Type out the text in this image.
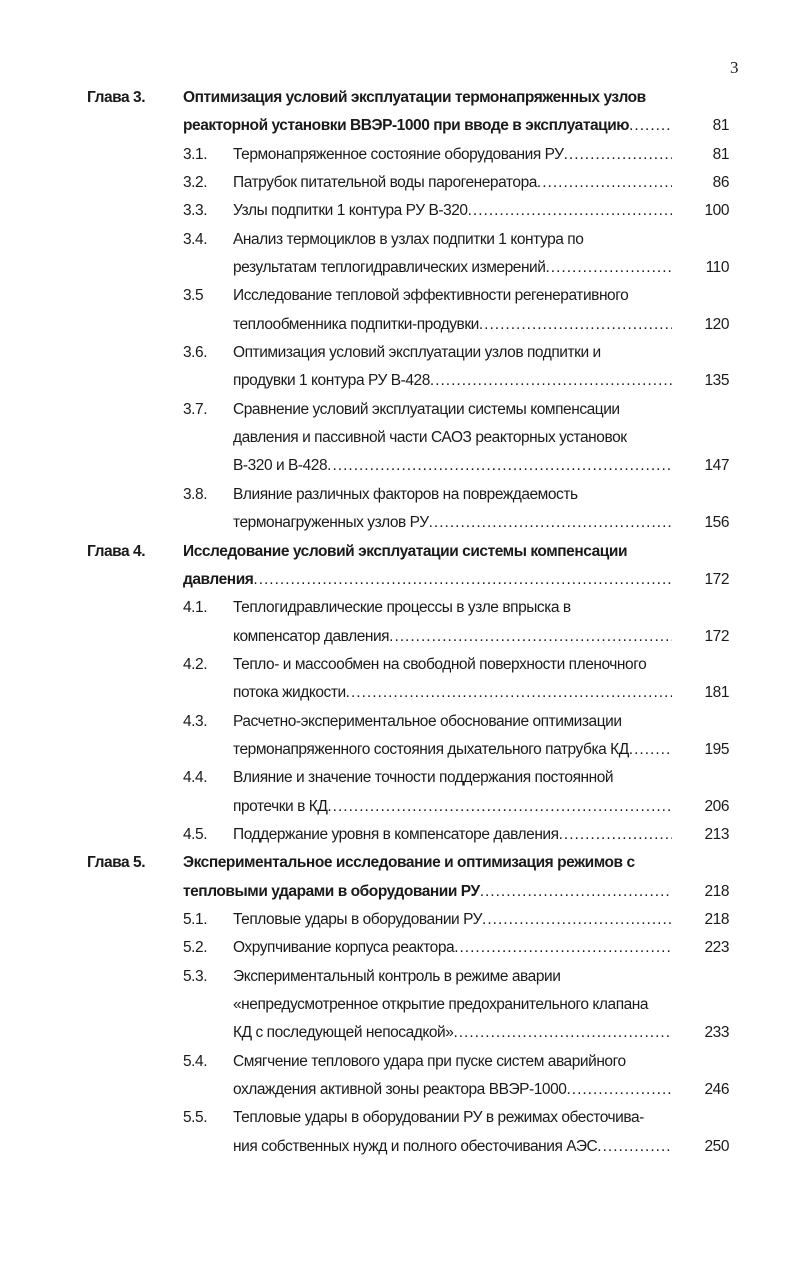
3
Глава 3. Оптимизация условий эксплуатации термонапряженных узлов
реакторной установки ВВЭР-1000 при вводе в эксплуатацию .....	81
3.1. Термонапряженное состояние оборудования РУ .....	81
3.2. Патрубок питательной воды парогенератора .....	86
3.3. Узлы подпитки 1 контура РУ В-320 .....	100
3.4. Анализ термоциклов в узлах подпитки 1 контура по
результатам теплогидравлических измерений .....	110
3.5 Исследование тепловой эффективности регенеративного
теплообменника подпитки-продувки .....	120
3.6. Оптимизация условий эксплуатации узлов подпитки и
продувки 1 контура РУ В-428 .....	135
3.7. Сравнение условий эксплуатации системы компенсации
давления и пассивной части САОЗ реакторных установок
В-320 и В-428 .....	147
3.8. Влияние различных факторов на повреждаемость
термонагруженных узлов РУ .....	156
Глава 4. Исследование условий эксплуатации системы компенсации
давления .....	172
4.1. Теплогидравлические процессы в узле впрыска в
компенсатор давления .....	172
4.2. Тепло- и массообмен на свободной поверхности пленочного
потока жидкости .....	181
4.3. Расчетно-экспериментальное обоснование оптимизации
термонапряженного состояния дыхательного патрубка КД .....	195
4.4. Влияние и значение точности поддержания постоянной
протечки в КД .....	206
4.5. Поддержание уровня в компенсаторе давления .....	213
Глава 5. Экспериментальное исследование и оптимизация режимов с
тепловыми ударами в оборудовании РУ .....	218
5.1. Тепловые удары в оборудовании РУ .....	218
5.2. Охрупчивание корпуса реактора .....	223
5.3. Экспериментальный контроль в режиме аварии
«непредусмотренное открытие предохранительного клапана
КД с последующей непосадкой» .....	233
5.4. Смягчение теплового удара при пуске систем аварийного
охлаждения активной зоны реактора ВВЭР-1000 .....	246
5.5. Тепловые удары в оборудовании РУ в режимах обесточива-
ния собственных нужд и полного обесточивания АЭС .....	250
